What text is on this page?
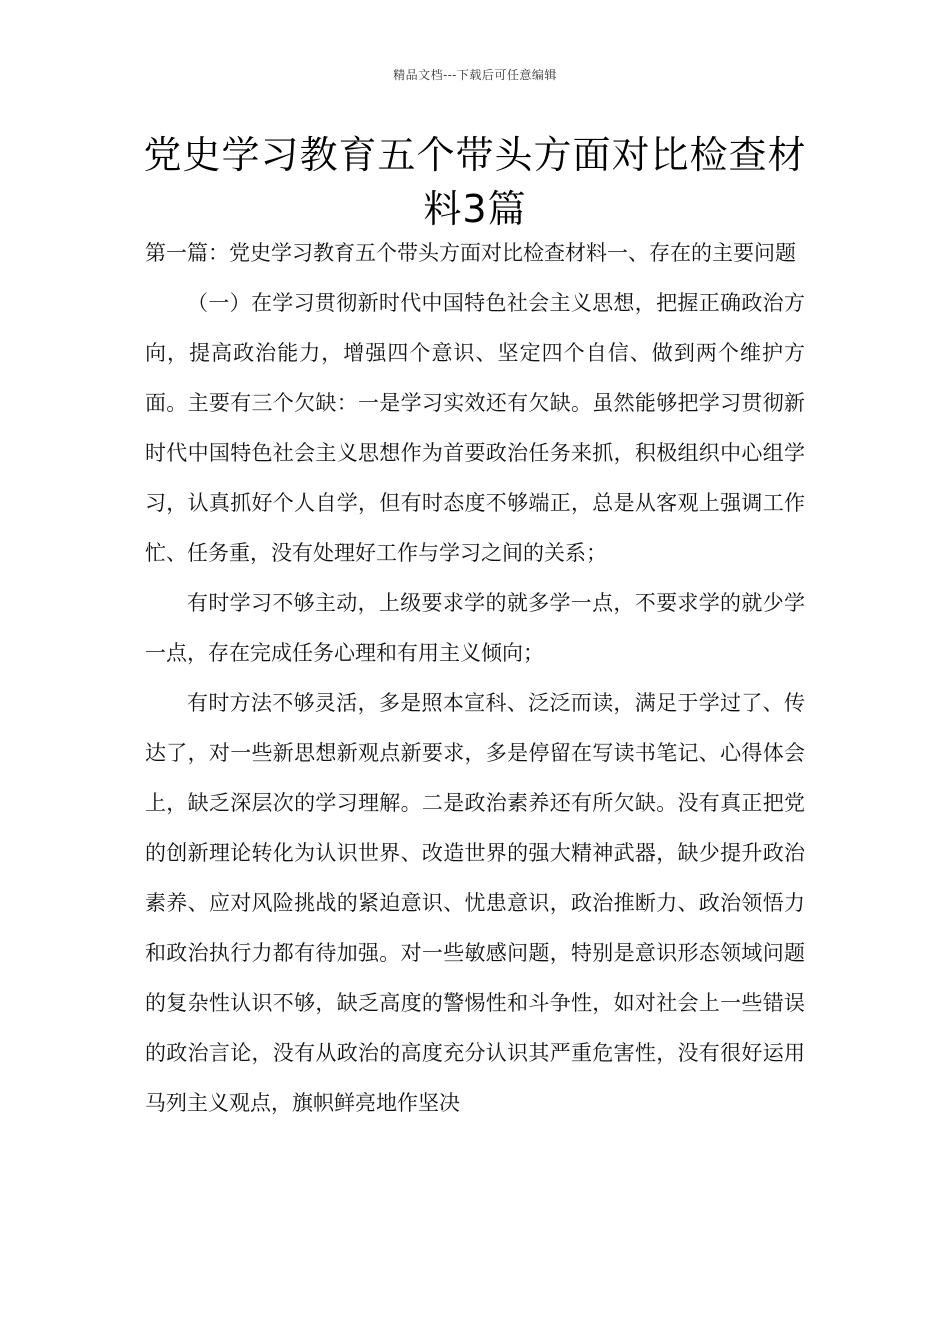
精品文档---下载后可任意编辑
党史学习教育五个带头方面对比检查材料3篇

第一篇：党史学习教育五个带头方面对比检查材料一、存在的主要问题

（一）在学习贯彻新时代中国特色社会主义思想，把握正确政治方向，提高政治能力，增强四个意识、坚定四个自信、做到两个维护方面。主要有三个欠缺：一是学习实效还有欠缺。虽然能够把学习贯彻新时代中国特色社会主义思想作为首要政治任务来抓，积极组织中心组学习，认真抓好个人自学，但有时态度不够端正，总是从客观上强调工作忙、任务重，没有处理好工作与学习之间的关系；

有时学习不够主动，上级要求学的就多学一点，不要求学的就少学一点，存在完成任务心理和有用主义倾向；

有时方法不够灵活，多是照本宣科、泛泛而读，满足于学过了、传达了，对一些新思想新观点新要求，多是停留在写读书笔记、心得体会上，缺乏深层次的学习理解。二是政治素养还有所欠缺。没有真正把党的创新理论转化为认识世界、改造世界的强大精神武器，缺少提升政治素养、应对风险挑战的紧迫意识、忧患意识，政治推断力、政治领悟力和政治执行力都有待加强。对一些敏感问题，特别是意识形态领域问题的复杂性认识不够，缺乏高度的警惕性和斗争性，如对社会上一些错误的政治言论，没有从政治的高度充分认识其严重危害性，没有很好运用马列主义观点，旗帜鲜亮地作坚决
